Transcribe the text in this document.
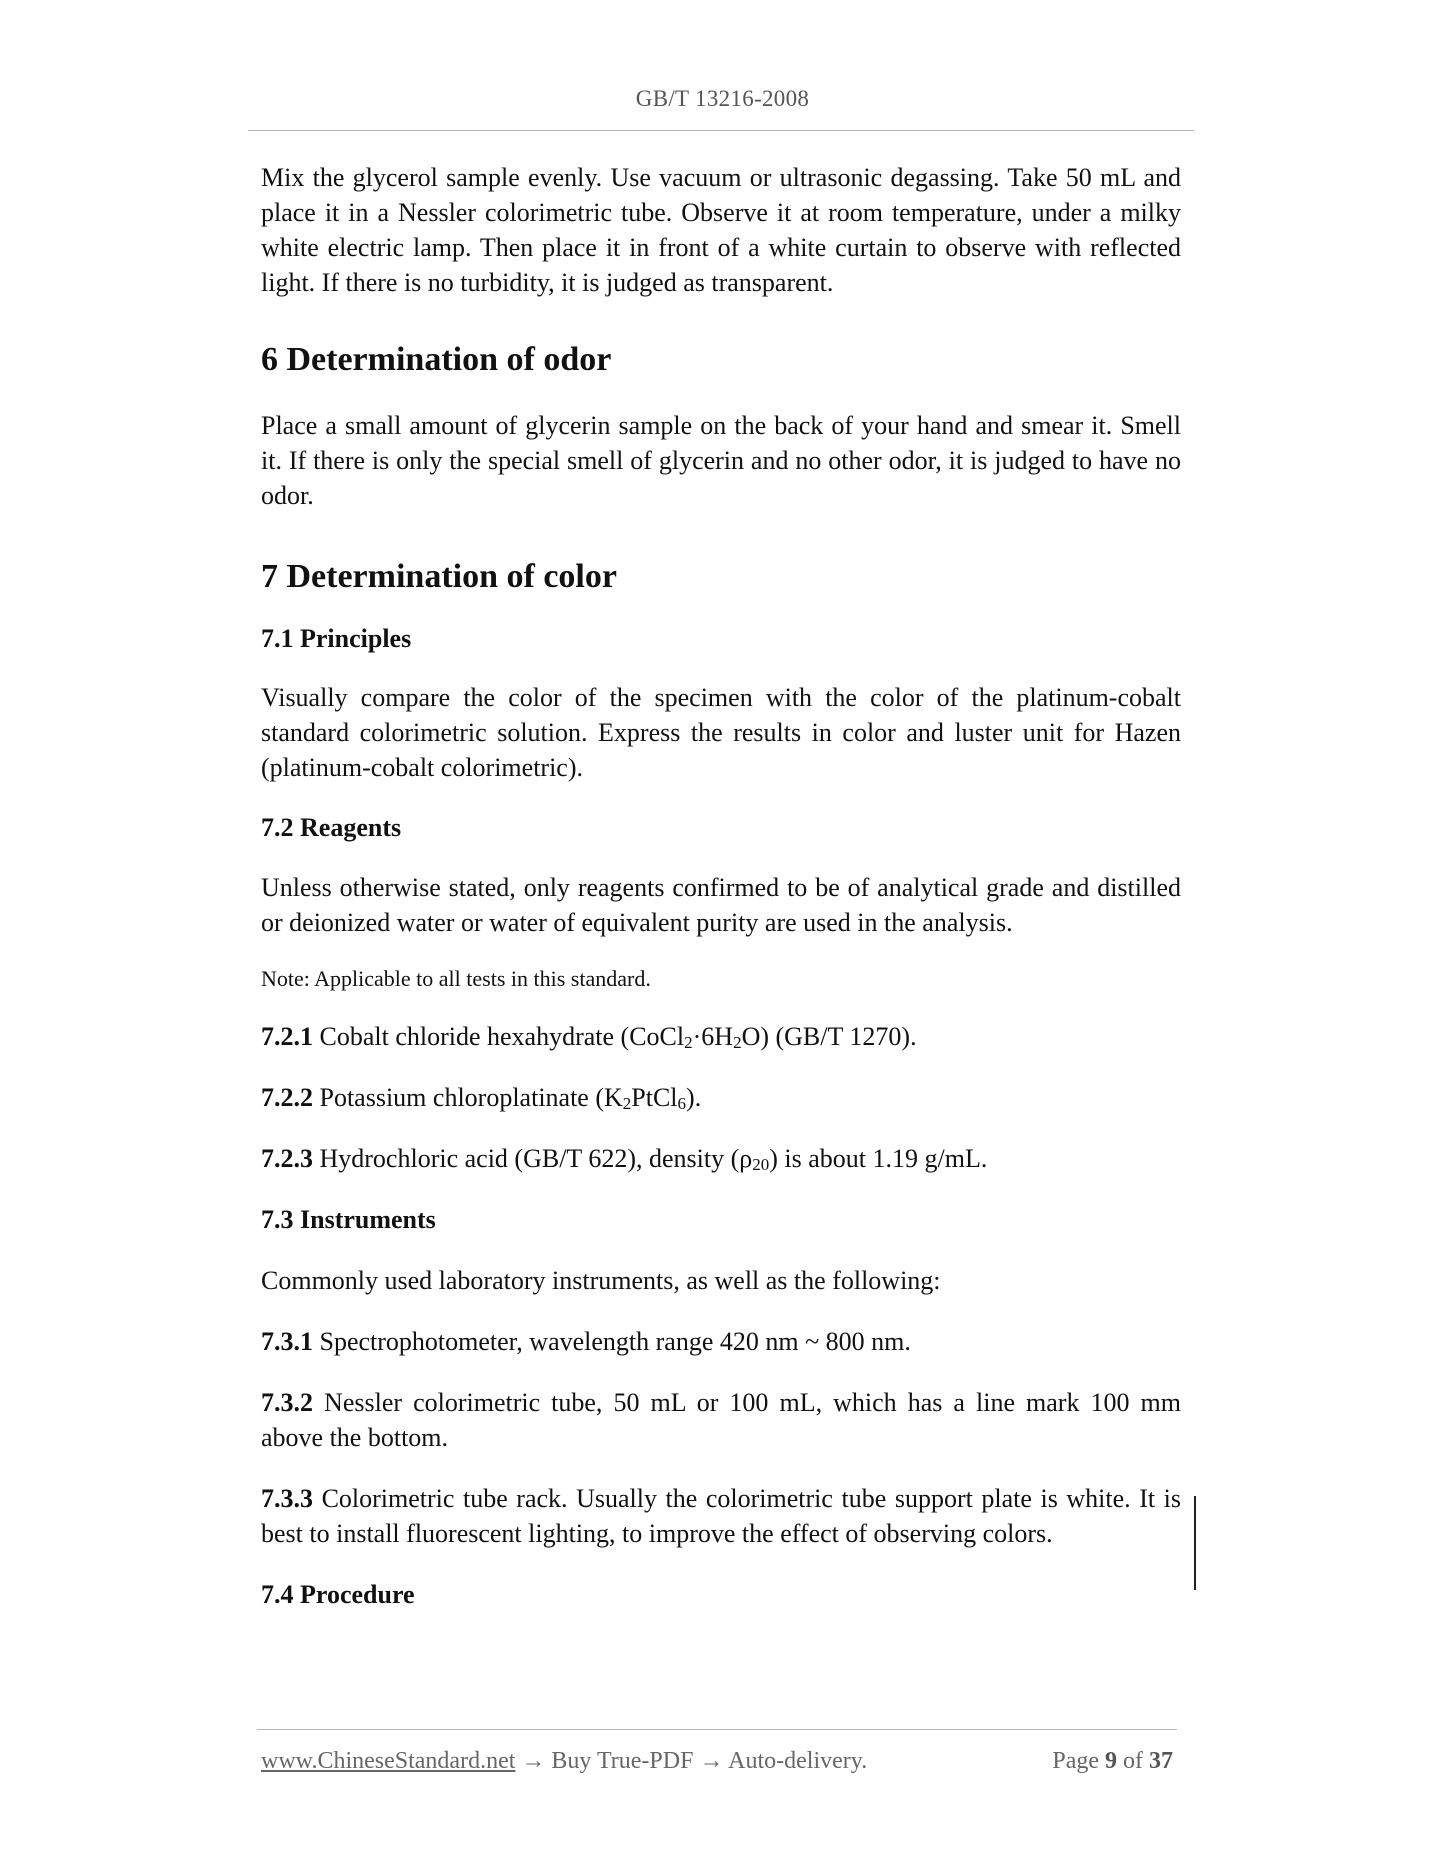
GB/T 13216-2008

Mix the glycerol sample evenly. Use vacuum or ultrasonic degassing. Take 50 mL and place it in a Nessler colorimetric tube. Observe it at room temperature, under a milky white electric lamp. Then place it in front of a white curtain to observe with reflected light. If there is no turbidity, it is judged as transparent.

6 Determination of odor

Place a small amount of glycerin sample on the back of your hand and smear it. Smell it. If there is only the special smell of glycerin and no other odor, it is judged to have no odor.

7 Determination of color
7.1 Principles

Visually compare the color of the specimen with the color of the platinum-cobalt standard colorimetric solution. Express the results in color and luster unit for Hazen (platinum-cobalt colorimetric).

7.2 Reagents

Unless otherwise stated, only reagents confirmed to be of analytical grade and distilled or deionized water or water of equivalent purity are used in the analysis.

Note: Applicable to all tests in this standard.

7.2.1 Cobalt chloride hexahydrate $(CoCl_2\cdot 6H_2O)$ (GB/T 1270).

7.2.2 Potassium chloroplatinate $(K_2PtCl_6)$.

7.2.3 Hydrochloric acid (GB/T 622), density $(\rho_{20})$ is about 1.19 g/mL.

7.3 Instruments

Commonly used laboratory instruments, as well as the following:

7.3.1 Spectrophotometer, wavelength range 420 nm ~ 800 nm.

7.3.2 Nessler colorimetric tube, 50 mL or 100 mL, which has a line mark 100 mm above the bottom.

7.3.3 Colorimetric tube rack. Usually the colorimetric tube support plate is white. It is best to install fluorescent lighting, to improve the effect of observing colors.

7.4 Procedure
www.ChineseStandard.net → Buy True-PDF → Auto-delivery.	Page 9 of 37
